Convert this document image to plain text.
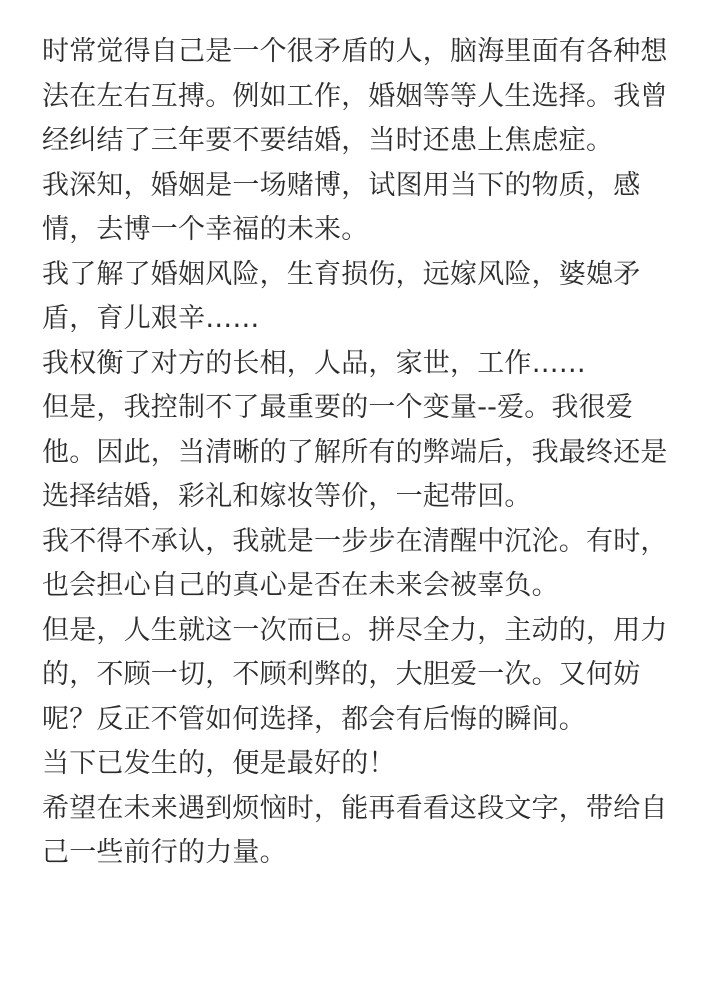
时常觉得自己是一个很矛盾的人，脑海里面有各种想法在左右互搏。例如工作，婚姻等等人生选择。我曾经纠结了三年要不要结婚，当时还患上焦虑症。

我深知，婚姻是一场赌博，试图用当下的物质，感情，去博一个幸福的未来。

我了解了婚姻风险，生育损伤，远嫁风险，婆媳矛盾，育儿艰辛……

我权衡了对方的长相，人品，家世，工作……

但是，我控制不了最重要的一个变量--爱。我很爱他。因此，当清晰的了解所有的弊端后，我最终还是选择结婚，彩礼和嫁妆等价，一起带回。

我不得不承认，我就是一步步在清醒中沉沦。有时，也会担心自己的真心是否在未来会被辜负。

但是，人生就这一次而已。拼尽全力，主动的，用力的，不顾一切，不顾利弊的，大胆爱一次。又何妨呢？反正不管如何选择，都会有后悔的瞬间。

当下已发生的，便是最好的！

希望在未来遇到烦恼时，能再看看这段文字，带给自己一些前行的力量。
